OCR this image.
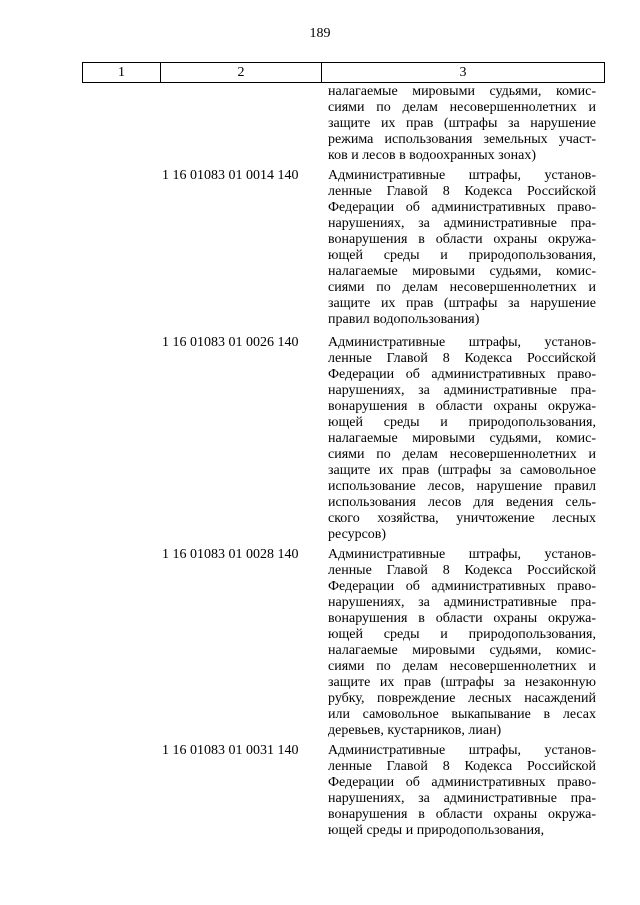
189
1	2	3
налагаемые мировыми судьями, комис-
сиями по делам несовершеннолетних и
защите их прав (штрафы за нарушение
режима использования земельных участ-
ков и лесов в водоохранных зонах)
1 16 01083 01 0014 140	Административные штрафы, установ-
ленные Главой 8 Кодекса Российской
Федерации об административных право-
нарушениях, за административные пра-
вонарушения в области охраны окружа-
ющей среды и природопользования,
налагаемые мировыми судьями, комис-
сиями по делам несовершеннолетних и
защите их прав (штрафы за нарушение
правил водопользования)
1 16 01083 01 0026 140	Административные штрафы, установ-
ленные Главой 8 Кодекса Российской
Федерации об административных право-
нарушениях, за административные пра-
вонарушения в области охраны окружа-
ющей среды и природопользования,
налагаемые мировыми судьями, комис-
сиями по делам несовершеннолетних и
защите их прав (штрафы за самовольное
использование лесов, нарушение правил
использования лесов для ведения сель-
ского хозяйства, уничтожение лесных
ресурсов)
1 16 01083 01 0028 140	Административные штрафы, установ-
ленные Главой 8 Кодекса Российской
Федерации об административных право-
нарушениях, за административные пра-
вонарушения в области охраны окружа-
ющей среды и природопользования,
налагаемые мировыми судьями, комис-
сиями по делам несовершеннолетних и
защите их прав (штрафы за незаконную
рубку, повреждение лесных насаждений
или самовольное выкапывание в лесах
деревьев, кустарников, лиан)
1 16 01083 01 0031 140	Административные штрафы, установ-
ленные Главой 8 Кодекса Российской
Федерации об административных право-
нарушениях, за административные пра-
вонарушения в области охраны окружа-
ющей среды и природопользования,
